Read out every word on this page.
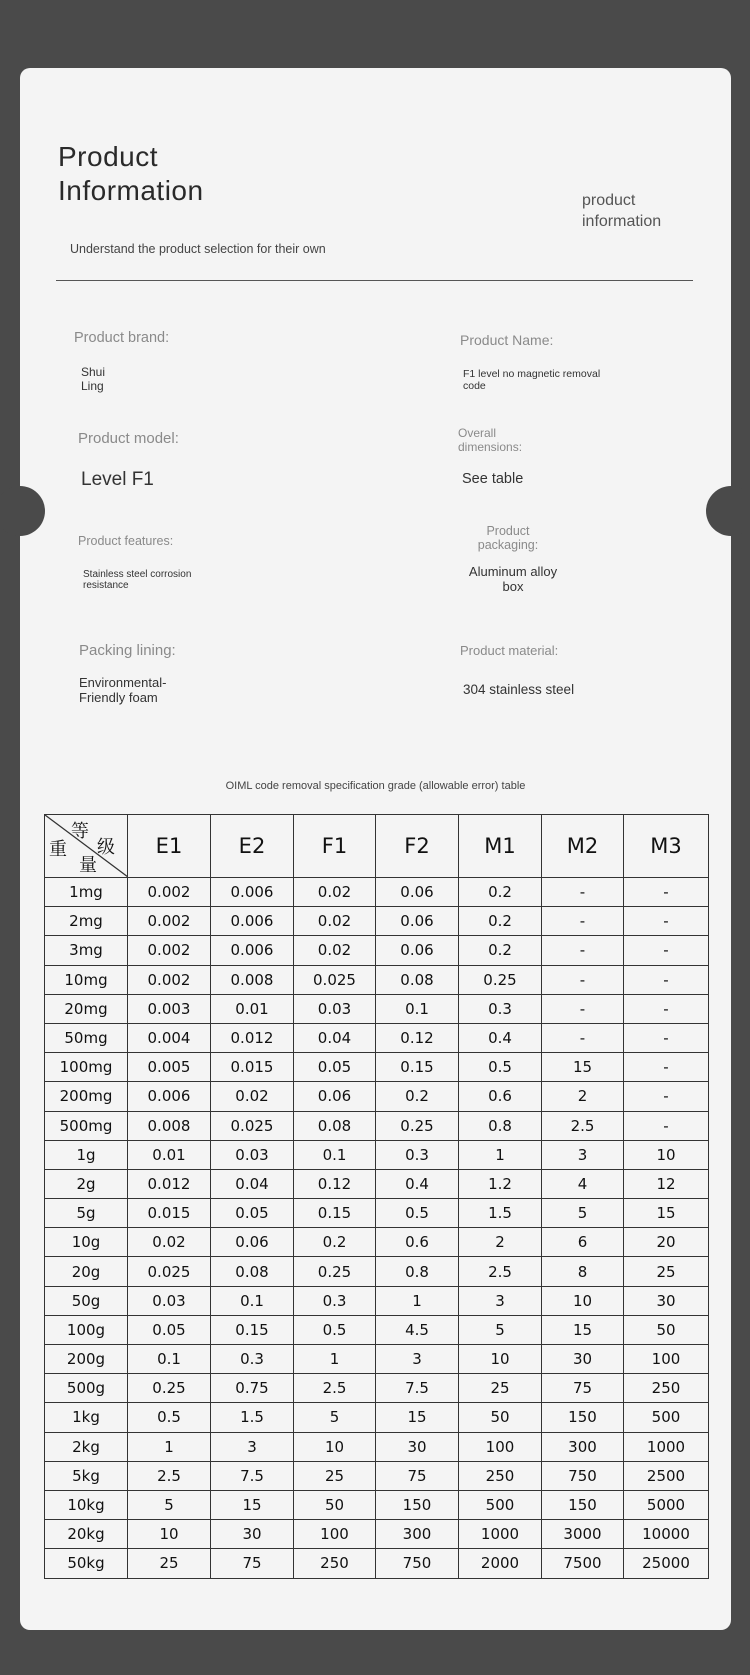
Product Information	product information
Understand the product selection for their own
Product brand:
Shui Ling
Product Name:
F1 level no magnetic removal code
Product model:
Level F1
Overall dimensions:
See table
Product features:
Stainless steel corrosion resistance
Product packaging:
Aluminum alloy box
Packing lining:
Environmental-Friendly foam
Product material:
304 stainless steel
OIML code removal specification grade (allowable error) table
等
级
重
量	E1	E2	F1	F2	M1	M2	M3
1mg	0.002	0.006	0.02	0.06	0.2	-	-
2mg	0.002	0.006	0.02	0.06	0.2	-	-
3mg	0.002	0.006	0.02	0.06	0.2	-	-
10mg	0.002	0.008	0.025	0.08	0.25	-	-
20mg	0.003	0.01	0.03	0.1	0.3	-	-
50mg	0.004	0.012	0.04	0.12	0.4	-	-
100mg	0.005	0.015	0.05	0.15	0.5	15	-
200mg	0.006	0.02	0.06	0.2	0.6	2	-
500mg	0.008	0.025	0.08	0.25	0.8	2.5	-
1g	0.01	0.03	0.1	0.3	1	3	10
2g	0.012	0.04	0.12	0.4	1.2	4	12
5g	0.015	0.05	0.15	0.5	1.5	5	15
10g	0.02	0.06	0.2	0.6	2	6	20
20g	0.025	0.08	0.25	0.8	2.5	8	25
50g	0.03	0.1	0.3	1	3	10	30
100g	0.05	0.15	0.5	4.5	5	15	50
200g	0.1	0.3	1	3	10	30	100
500g	0.25	0.75	2.5	7.5	25	75	250
1kg	0.5	1.5	5	15	50	150	500
2kg	1	3	10	30	100	300	1000
5kg	2.5	7.5	25	75	250	750	2500
10kg	5	15	50	150	500	150	5000
20kg	10	30	100	300	1000	3000	10000
50kg	25	75	250	750	2000	7500	25000
